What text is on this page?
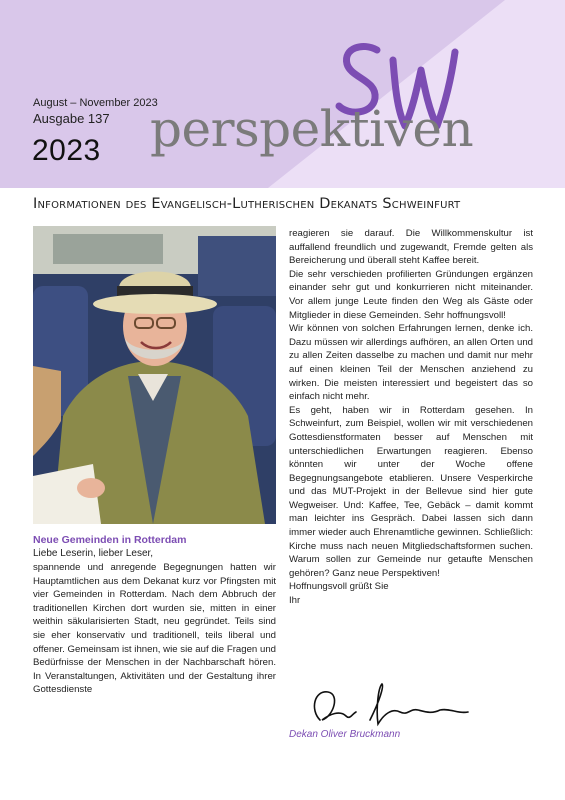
August – November 2023
Ausgabe 137
2023 perspektiven
Informationen des Evangelisch-Lutherischen Dekanats Schweinfurt

Neue Gemeinden in Rotterdam

Liebe Leserin, lieber Leser,

spannende und anregende Begegnungen hatten wir Hauptamtlichen aus dem Dekanat kurz vor Pfingsten mit vier Gemeinden in Rotterdam. Nach dem Abbruch der traditionellen Kirchen dort wurden sie, mitten in einer weithin säkularisierten Stadt, neu gegründet. Teils sind sie eher konservativ und traditionell, teils liberal und offener. Gemeinsam ist ihnen, wie sie auf die Fragen und Bedürfnisse der Menschen in der Nachbarschaft hören. In Veranstaltungen, Aktivitäten und der Gestaltung ihrer Gottesdienste

reagieren sie darauf. Die Willkommenskultur ist auffallend freundlich und zugewandt, Fremde gelten als Bereicherung und überall steht Kaffee bereit.

Die sehr verschieden profilierten Gründungen ergänzen einander sehr gut und konkurrieren nicht miteinander. Vor allem junge Leute finden den Weg als Gäste oder Mitglieder in diese Gemeinden. Sehr hoffnungsvoll!

Wir können von solchen Erfahrungen lernen, denke ich. Dazu müssen wir allerdings aufhören, an allen Orten und zu allen Zeiten dasselbe zu machen und damit nur mehr auf einen kleinen Teil der Menschen anziehend zu wirken. Die meisten interessiert und begeistert das so einfach nicht mehr.

Es geht, haben wir in Rotterdam gesehen. In Schweinfurt, zum Beispiel, wollen wir mit verschiedenen Gottesdienstformaten besser auf Menschen mit unterschiedlichen Erwartungen reagieren. Ebenso könnten wir unter der Woche offene Begegnungsangebote etablieren. Unsere Vesperkirche und das MUT-Projekt in der Bellevue sind hier gute Wegweiser. Und: Kaffee, Tee, Gebäck – damit kommt man leichter ins Gespräch. Dabei lassen sich dann immer wieder auch Ehrenamtliche gewinnen. Schließlich: Kirche muss nach neuen Mitgliedschaftsformen suchen. Warum sollen zur Gemeinde nur getaufte Menschen gehören? Ganz neue Perspektiven!

Hoffnungsvoll grüßt Sie

Ihr

Dekan Oliver Bruckmann
